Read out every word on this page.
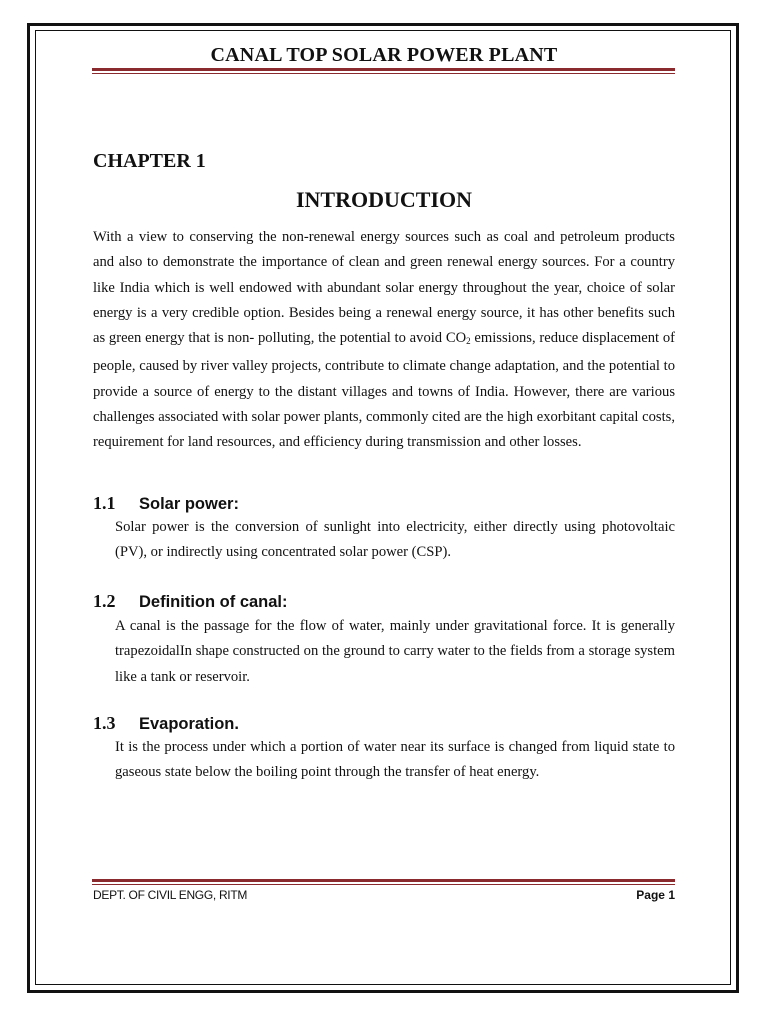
CANAL TOP SOLAR POWER PLANT
CHAPTER 1
INTRODUCTION

With a view to conserving the non-renewal energy sources such as coal and petroleum products and also to demonstrate the importance of clean and green renewal energy sources. For a country like India which is well endowed with abundant solar energy throughout the year, choice of solar energy is a very credible option. Besides being a renewal energy source, it has other benefits such as green energy that is non- polluting, the potential to avoid $CO_2$ emissions, reduce displacement of people, caused by river valley projects, contribute to climate change adaptation, and the potential to provide a source of energy to the distant villages and towns of India. However, there are various challenges associated with solar power plants, commonly cited are the high exorbitant capital costs, requirement for land resources, and efficiency during transmission and other losses.

1.1 Solar power:

Solar power is the conversion of sunlight into electricity, either directly using photovoltaic (PV), or indirectly using concentrated solar power (CSP).

1.2 Definition of canal:

A canal is the passage for the flow of water, mainly under gravitational force. It is generally trapezoidalIn shape constructed on the ground to carry water to the fields from a storage system like a tank or reservoir.

1.3 Evaporation.

It is the process under which a portion of water near its surface is changed from liquid state to gaseous state below the boiling point through the transfer of heat energy.

DEPT. OF CIVIL ENGG, RITM	Page 1
